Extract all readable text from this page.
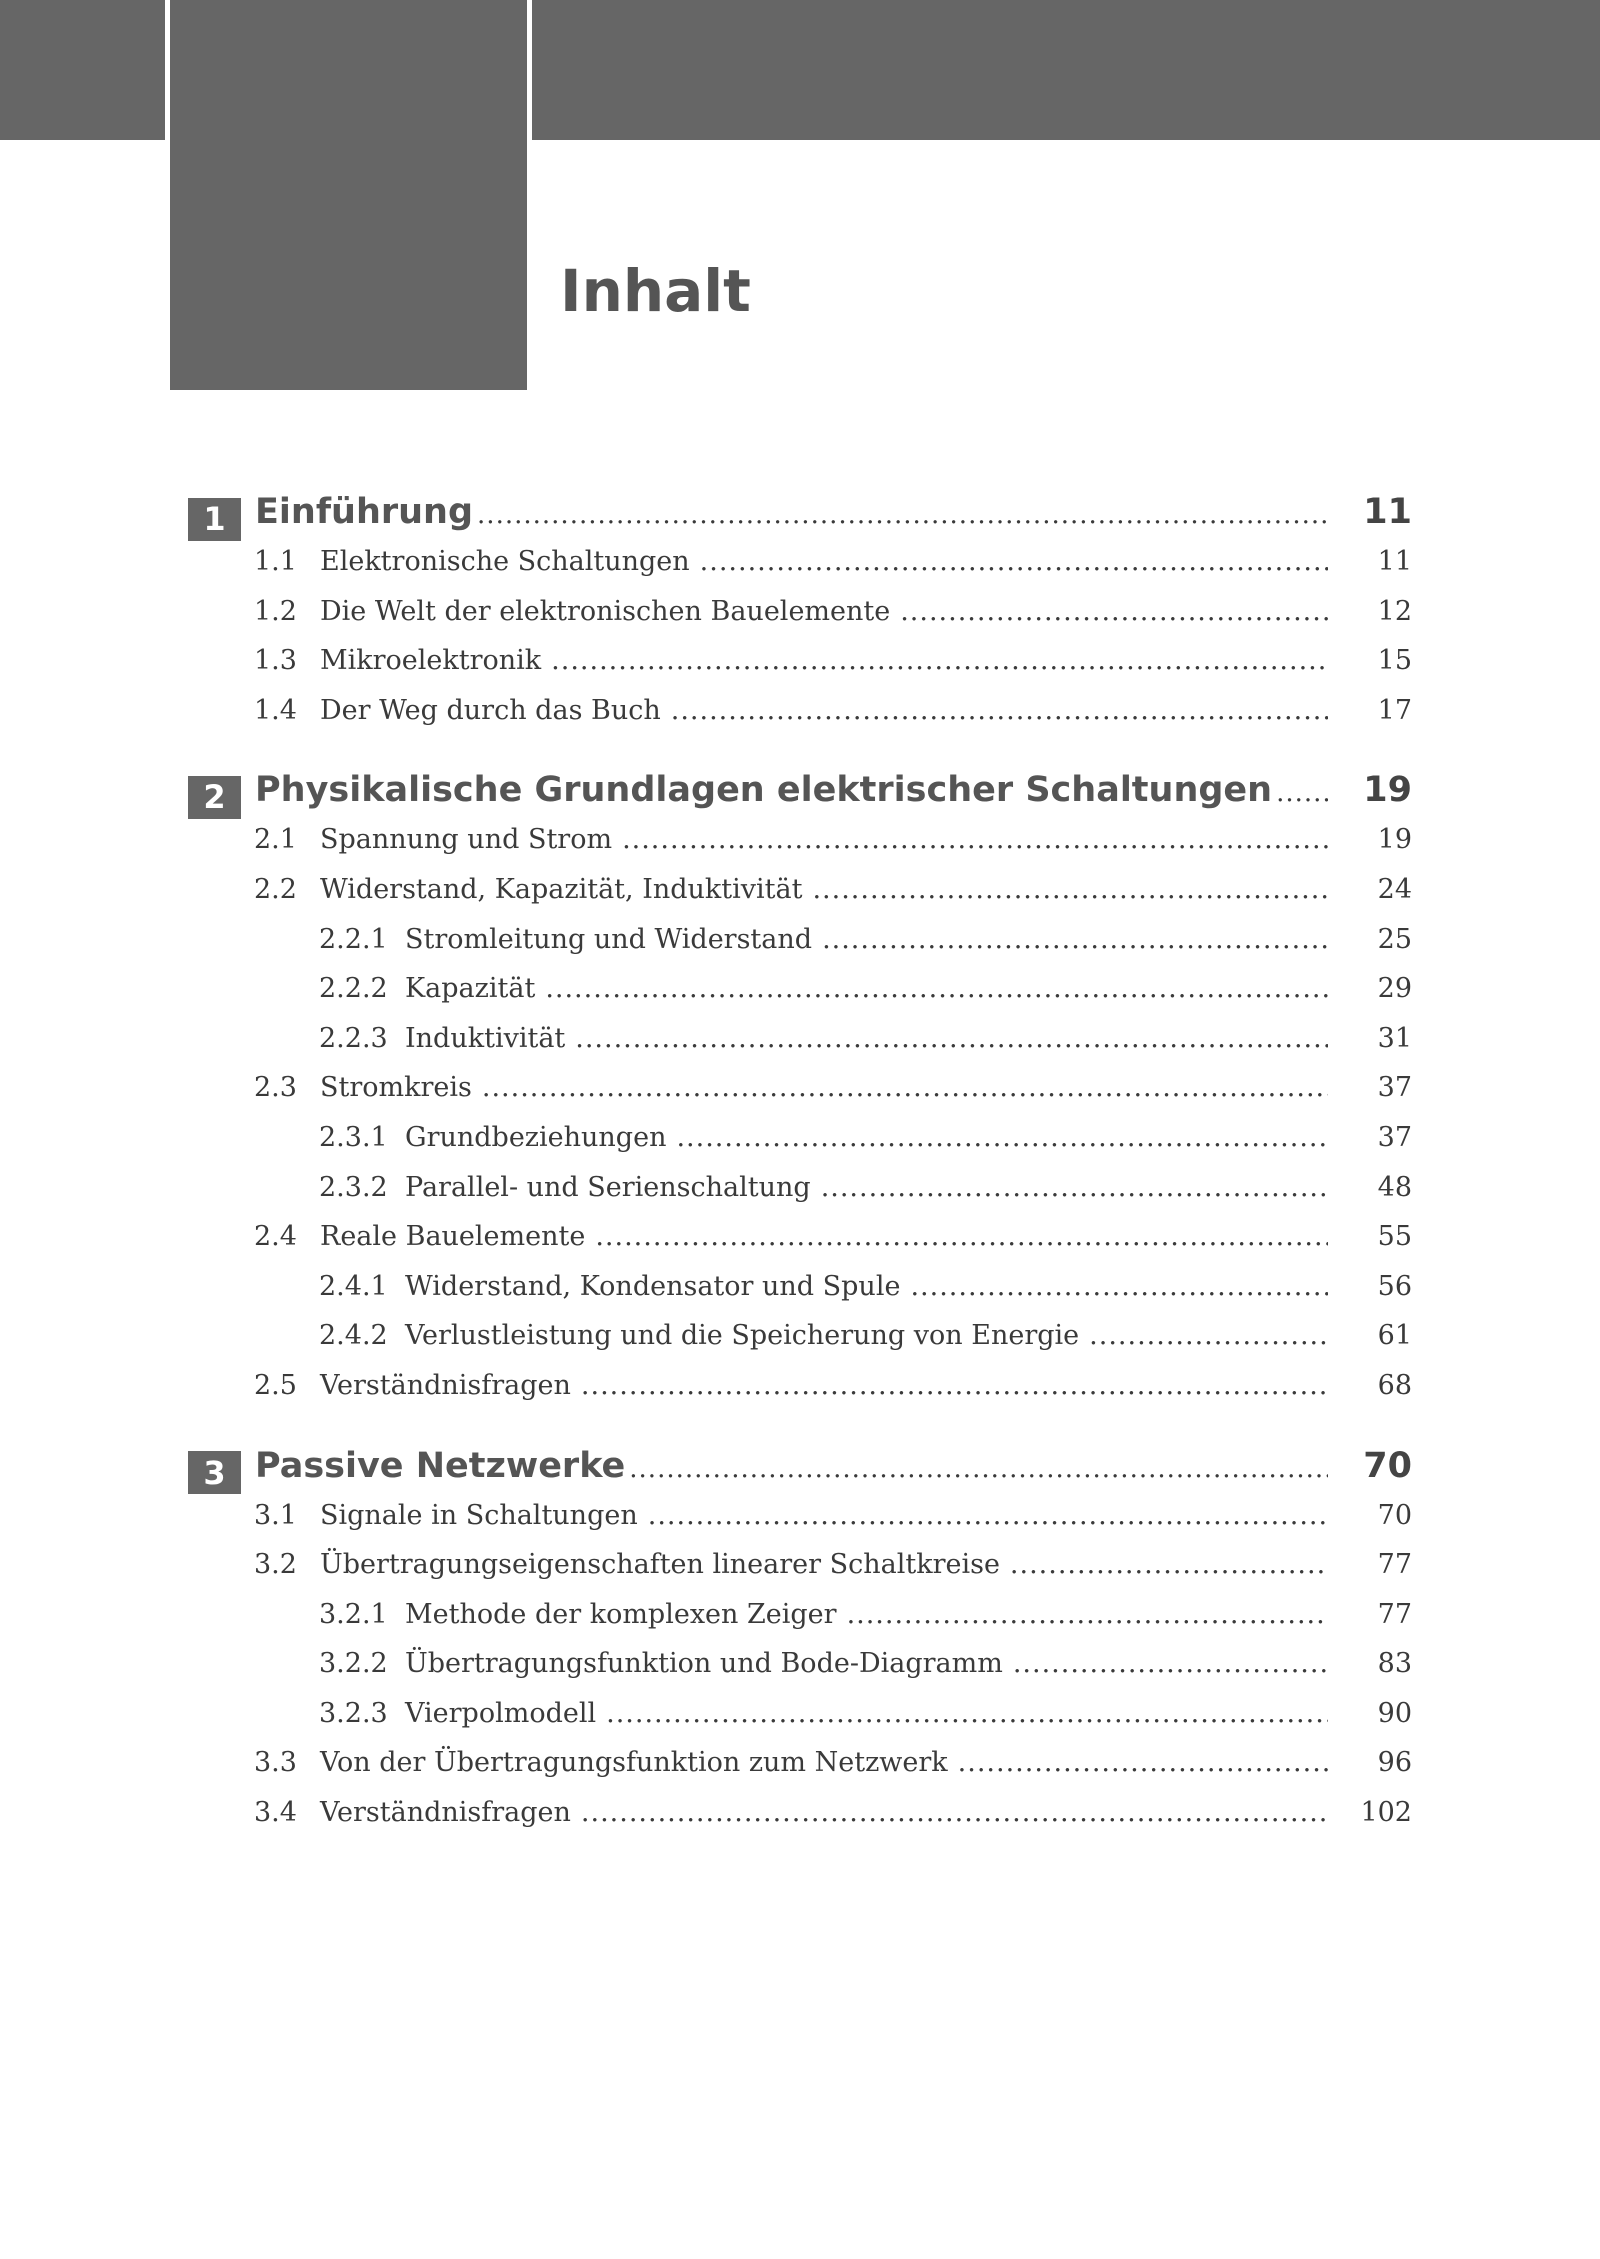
Inhalt
1 Einführung .....	11
1.1 Elektronische Schaltungen .....	11
1.2 Die Welt der elektronischen Bauelemente .....	12
1.3 Mikroelektronik .....	15
1.4 Der Weg durch das Buch .....	17
2 Physikalische Grundlagen elektrischer Schaltungen .....	19
2.1 Spannung und Strom .....	19
2.2 Widerstand, Kapazität, Induktivität .....	24
2.2.1 Stromleitung und Widerstand .....	25
2.2.2 Kapazität .....	29
2.2.3 Induktivität .....	31
2.3 Stromkreis .....	37
2.3.1 Grundbeziehungen .....	37
2.3.2 Parallel- und Serienschaltung .....	48
2.4 Reale Bauelemente .....	55
2.4.1 Widerstand, Kondensator und Spule .....	56
2.4.2 Verlustleistung und die Speicherung von Energie .....	61
2.5 Verständnisfragen .....	68
3 Passive Netzwerke .....	70
3.1 Signale in Schaltungen .....	70
3.2 Übertragungseigenschaften linearer Schaltkreise .....	77
3.2.1 Methode der komplexen Zeiger .....	77
3.2.2 Übertragungsfunktion und Bode-Diagramm .....	83
3.2.3 Vierpolmodell .....	90
3.3 Von der Übertragungsfunktion zum Netzwerk .....	96
3.4 Verständnisfragen .....	102
